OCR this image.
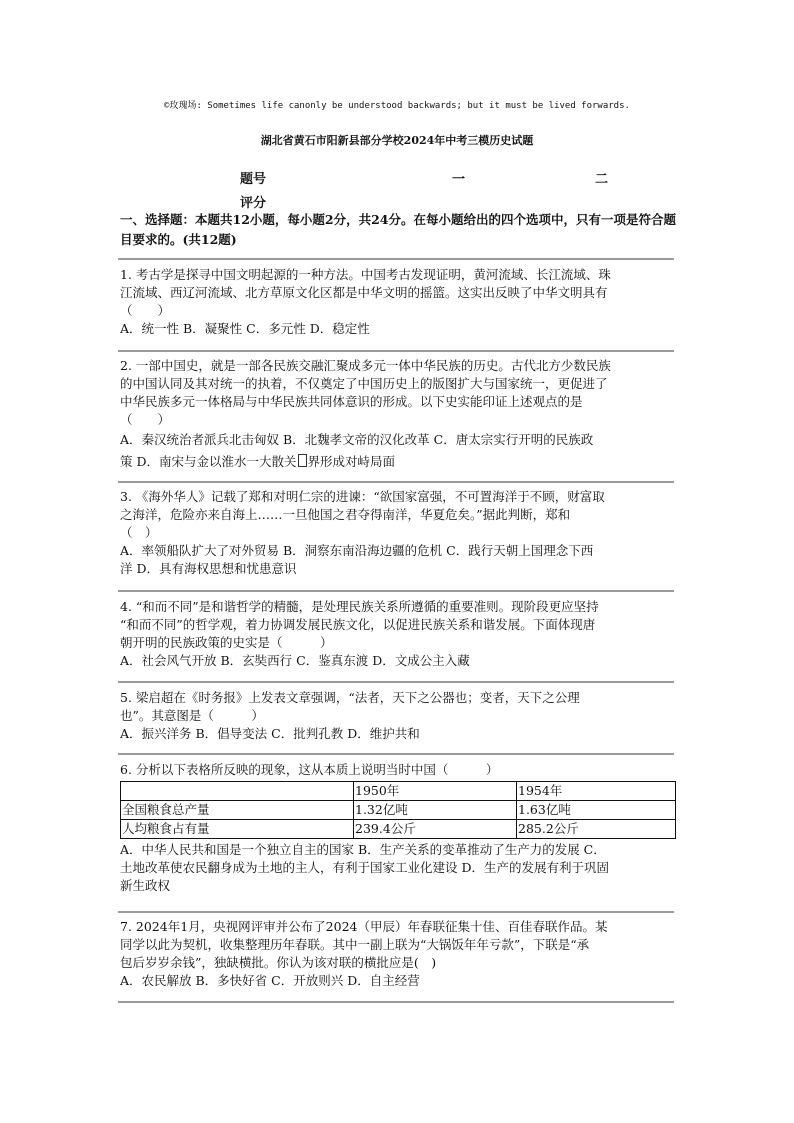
©玫瑰场: Sometimes life canonly be understood backwards; but it must be lived forwards.
湖北省黄石市阳新县部分学校2024年中考三模历史试题
题号	一	二
评分
一、选择题：本题共12小题，每小题2分，共24分。在每小题给出的四个选项中，只有一项是符合题目要求的。(共12题)

1. 考古学是探寻中国文明起源的一种方法。中国考古发现证明，黄河流域、长江流域、珠

江流域、西辽河流域、北方草原文化区都是中华文明的摇篮。这实出反映了中华文明具有

（　　）

A．统一性 B．凝聚性 C．多元性 D．稳定性

2. 一部中国史，就是一部各民族交融汇聚成多元一体中华民族的历史。古代北方少数民族

的中国认同及其对统一的执着，不仅奠定了中国历史上的版图扩大与国家统一，更促进了

中华民族多元一体格局与中华民族共同体意识的形成。以下史实能印证上述观点的是

（　　）

A．秦汉统治者派兵北击匈奴 B．北魏孝文帝的汉化改革 C．唐太宗实行开明的民族政

策 D．南宋与金以淮水一大散关 界形成对峙局面

3. 《海外华人》记载了郑和对明仁宗的进谏：“欲国家富强，不可置海洋于不顾，财富取

之海洋，危险亦来自海上……一旦他国之君夺得南洋，华夏危矣。”据此判断，郑和

（　）

A．率领船队扩大了对外贸易 B．洞察东南沿海边疆的危机 C．践行天朝上国理念下西

洋 D．具有海权思想和忧患意识

4. “和而不同”是和谐哲学的精髓，是处理民族关系所遵循的重要准则。现阶段更应坚持

“和而不同”的哲学观，着力协调发展民族文化，以促进民族关系和谐发展。下面体现唐

朝开明的民族政策的史实是（　　　）

A．社会风气开放 B．玄奘西行 C．鉴真东渡 D．文成公主入藏

5. 梁启超在《时务报》上发表文章强调，“法者，天下之公器也；变者，天下之公理

也”。其意图是（　　　）

A．振兴洋务 B．倡导变法 C．批判孔教 D．维护共和

6. 分析以下表格所反映的现象，这从本质上说明当时中国（　　　）

	1950年	1954年
全国粮食总产量	1.32亿吨	1.63亿吨
人均粮食占有量	239.4公斤	285.2公斤

A．中华人民共和国是一个独立自主的国家 B．生产关系的变革推动了生产力的发展 C．

土地改革使农民翻身成为土地的主人，有利于国家工业化建设 D．生产的发展有利于巩固

新生政权

7. 2024年1月，央视网评审并公布了2024（甲辰）年春联征集十佳、百佳春联作品。某

同学以此为契机，收集整理历年春联。其中一副上联为“大锅饭年年亏款”，下联是“承

包后岁岁余钱”，独缺横批。你认为该对联的横批应是(　)

A．农民解放 B．多快好省 C．开放则兴 D．自主经营
